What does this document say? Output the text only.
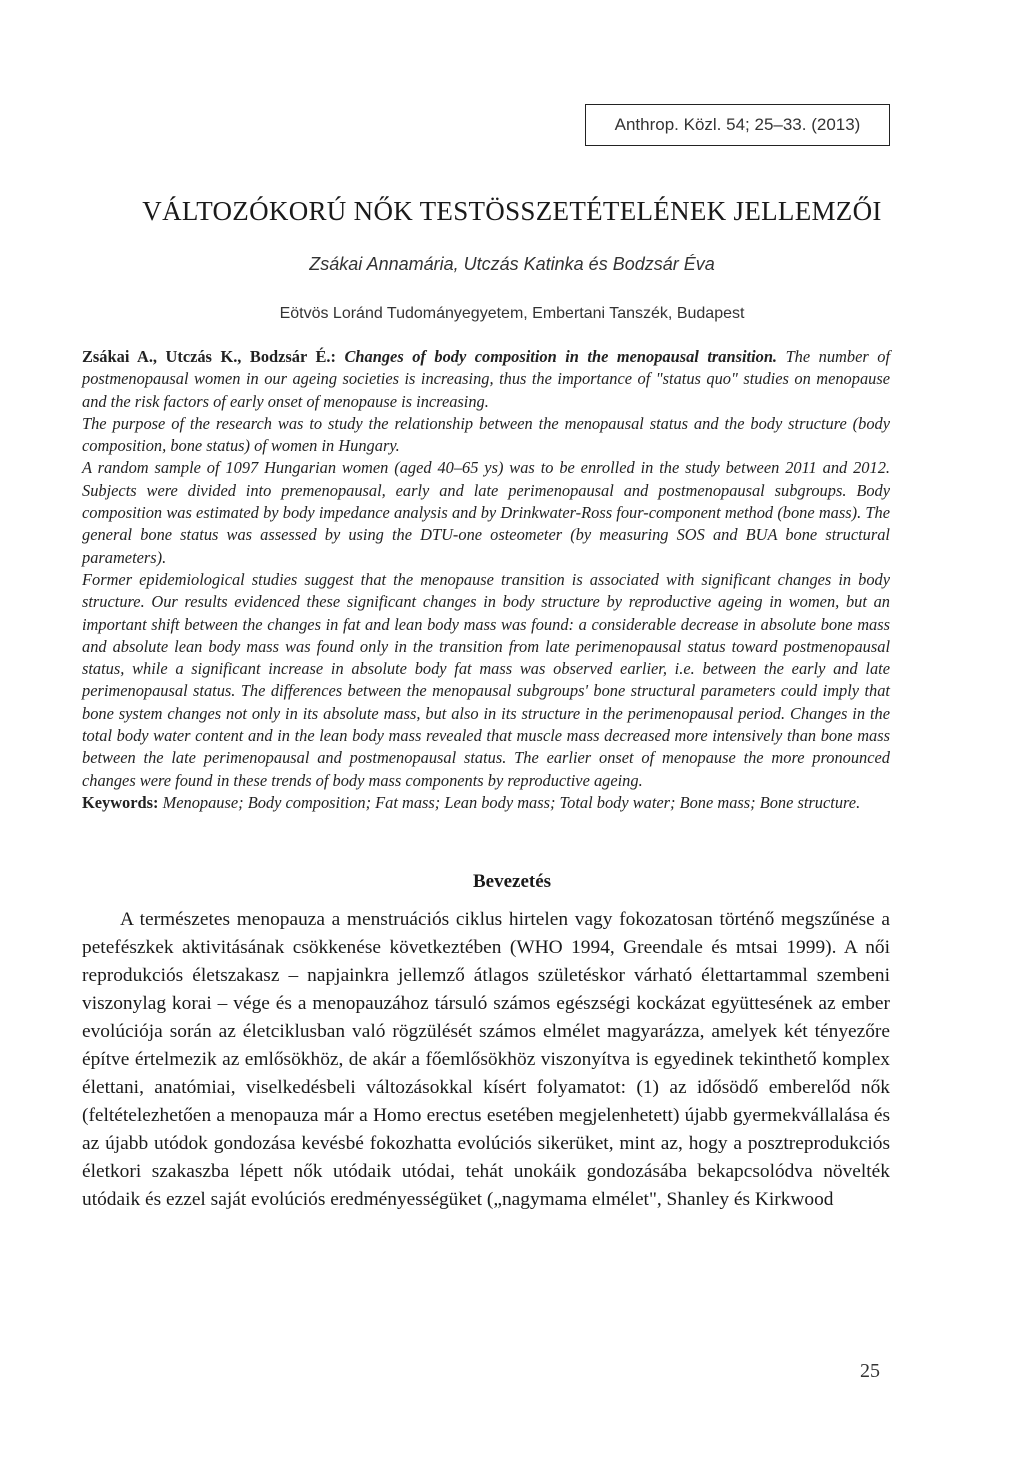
Anthrop. Közl. 54; 25–33. (2013)
VÁLTOZÓKORÚ NŐK TESTÖSSZETÉTELÉNEK JELLEMZŐI
Zsákai Annamária, Utczás Katinka és Bodzsár Éva
Eötvös Loránd Tudományegyetem, Embertani Tanszék, Budapest

Zsákai A., Utczás K., Bodzsár É.: Changes of body composition in the menopausal transition. The number of postmenopausal women in our ageing societies is increasing, thus the importance of "status quo" studies on menopause and the risk factors of early onset of menopause is increasing.

The purpose of the research was to study the relationship between the menopausal status and the body structure (body composition, bone status) of women in Hungary.

A random sample of 1097 Hungarian women (aged 40–65 ys) was to be enrolled in the study between 2011 and 2012. Subjects were divided into premenopausal, early and late perimenopausal and postmenopausal subgroups. Body composition was estimated by body impedance analysis and by Drinkwater-Ross four-component method (bone mass). The general bone status was assessed by using the DTU-one osteometer (by measuring SOS and BUA bone structural parameters).

Former epidemiological studies suggest that the menopause transition is associated with significant changes in body structure. Our results evidenced these significant changes in body structure by reproductive ageing in women, but an important shift between the changes in fat and lean body mass was found: a considerable decrease in absolute bone mass and absolute lean body mass was found only in the transition from late perimenopausal status toward postmenopausal status, while a significant increase in absolute body fat mass was observed earlier, i.e. between the early and late perimenopausal status. The differences between the menopausal subgroups' bone structural parameters could imply that bone system changes not only in its absolute mass, but also in its structure in the perimenopausal period. Changes in the total body water content and in the lean body mass revealed that muscle mass decreased more intensively than bone mass between the late perimenopausal and postmenopausal status. The earlier onset of menopause the more pronounced changes were found in these trends of body mass components by reproductive ageing.

Keywords: Menopause; Body composition; Fat mass; Lean body mass; Total body water; Bone mass; Bone structure.

Bevezetés

A természetes menopauza a menstruációs ciklus hirtelen vagy fokozatosan történő megszűnése a petefészkek aktivitásának csökkenése következtében (WHO 1994, Greendale és mtsai 1999). A női reprodukciós életszakasz – napjainkra jellemző átlagos születéskor várható élettartammal szembeni viszonylag korai – vége és a menopauzához társuló számos egészségi kockázat együttesének az ember evolúciója során az életciklusban való rögzülését számos elmélet magyarázza, amelyek két tényezőre építve értelmezik az emlősökhöz, de akár a főemlősökhöz viszonyítva is egyedinek tekinthető komplex élettani, anatómiai, viselkedésbeli változásokkal kísért folyamatot: (1) az idősödő emberelőd nők (feltételezhetően a menopauza már a Homo erectus esetében megjelenhetett) újabb gyermekvállalása és az újabb utódok gondozása kevésbé fokozhatta evolúciós sikerüket, mint az, hogy a posztreprodukciós életkori szakaszba lépett nők utódaik utódai, tehát unokáik gondozásába bekapcsolódva növelték utódaik és ezzel saját evolúciós eredményességüket („nagymama elmélet", Shanley és Kirkwood

25
